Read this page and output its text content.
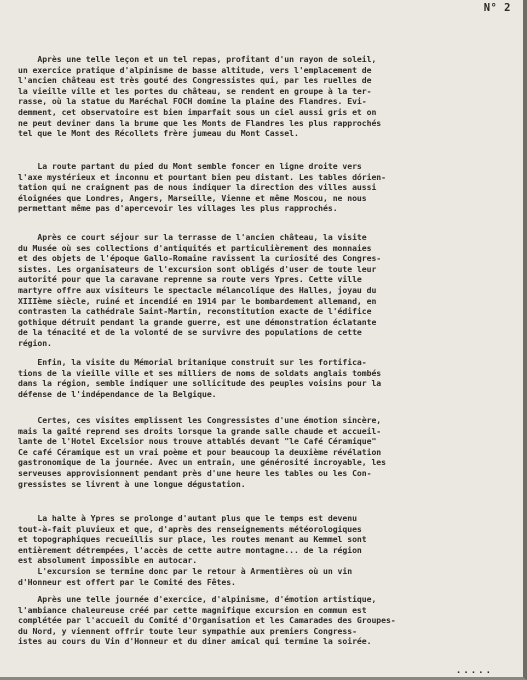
N° 2
Après une telle leçon et un tel repas, profitant d'un rayon de soleil,
un exercice pratique d'alpinisme de basse altitude, vers l'emplacement de
l'ancien château est très gouté des Congressistes qui, par les ruelles de
la vieille ville et les portes du château, se rendent en groupe à la ter-
rasse, où la statue du Maréchal FOCH domine la plaine des Flandres. Evi-
demment, cet observatoire est bien imparfait sous un ciel aussi gris et on
ne peut deviner dans la brume que les Monts de Flandres les plus rapprochés
tel que le Mont des Récollets frère jumeau du Mont Cassel.
La route partant du pied du Mont semble foncer en ligne droite vers
l'axe mystérieux et inconnu et pourtant bien peu distant. Les tables dórien-
tation qui ne craignent pas de nous indiquer la direction des villes aussi
éloignées que Londres, Angers, Marseille, Vienne et même Moscou, ne nous
permettant même pas d'apercevoir les villages les plus rapprochés.
Après ce court séjour sur la terrasse de l'ancien château, la visite
du Musée où ses collections d'antiquités et particulièrement des monnaies
et des objets de l'époque Gallo-Romaine ravissent la curiosité des Congres-
sistes. Les organisateurs de l'excursion sont obligés d'user de toute leur
autorité pour que la caravane reprenne sa route vers Ypres. Cette ville
martyre offre aux visiteurs le spectacle mélancolique des Halles, joyau du
XIIIème siècle, ruiné et incendié en 1914 par le bombardement allemand, en
contrasten la cathédrale Saint-Martin, reconstitution exacte de l'édifice
gothique détruit pendant la grande guerre, est une démonstration éclatante
de la ténacité et de la volonté de se survivre des populations de cette
région.
Enfin, la visite du Mémorial britanique construit sur les fortifica-
tions de la vieille ville et ses milliers de noms de soldats anglais tombés
dans la région, semble indiquer une sollicitude des peuples voisins pour la
défense de l'indépendance de la Belgique.
Certes, ces visites emplissent les Congressistes d'une émotion sincère,
mais la gaîté reprend ses droits lorsque la grande salle chaude et accueil-
lante de l'Hotel Excelsior nous trouve attablés devant "le Café Céramique"
Ce café Céramique est un vrai poème et pour beaucoup la deuxième révélation
gastronomique de la journée. Avec un entrain, une générosité incroyable, les
serveuses approvisionnent pendant près d'une heure les tables ou les Con-
gressistes se livrent à une longue dégustation.
La halte à Ypres se prolonge d'autant plus que le temps est devenu
tout-à-fait pluvieux et que, d'après des renseignements météorologiques
et topographiques recueillis sur place, les routes menant au Kemmel sont
entièrement détrempées, l'accès de cette autre montagne... de la région
est absolument impossible en autocar.
L'excursion se termine donc par le retour à Armentières où un vin
d'Honneur est offert par le Comité des Fêtes.
Après une telle journée d'exercice, d'alpinisme, d'émotion artistique,
l'ambiance chaleureuse créé par cette magnifique excursion en commun est
complétée par l'accueil du Comité d'Organisation et les Camarades des Groupes-
du Nord, y viennent offrir toute leur sympathie aux premiers Congress-
istes au cours du Vin d'Honneur et du diner amical qui termine la soirée.
.....
